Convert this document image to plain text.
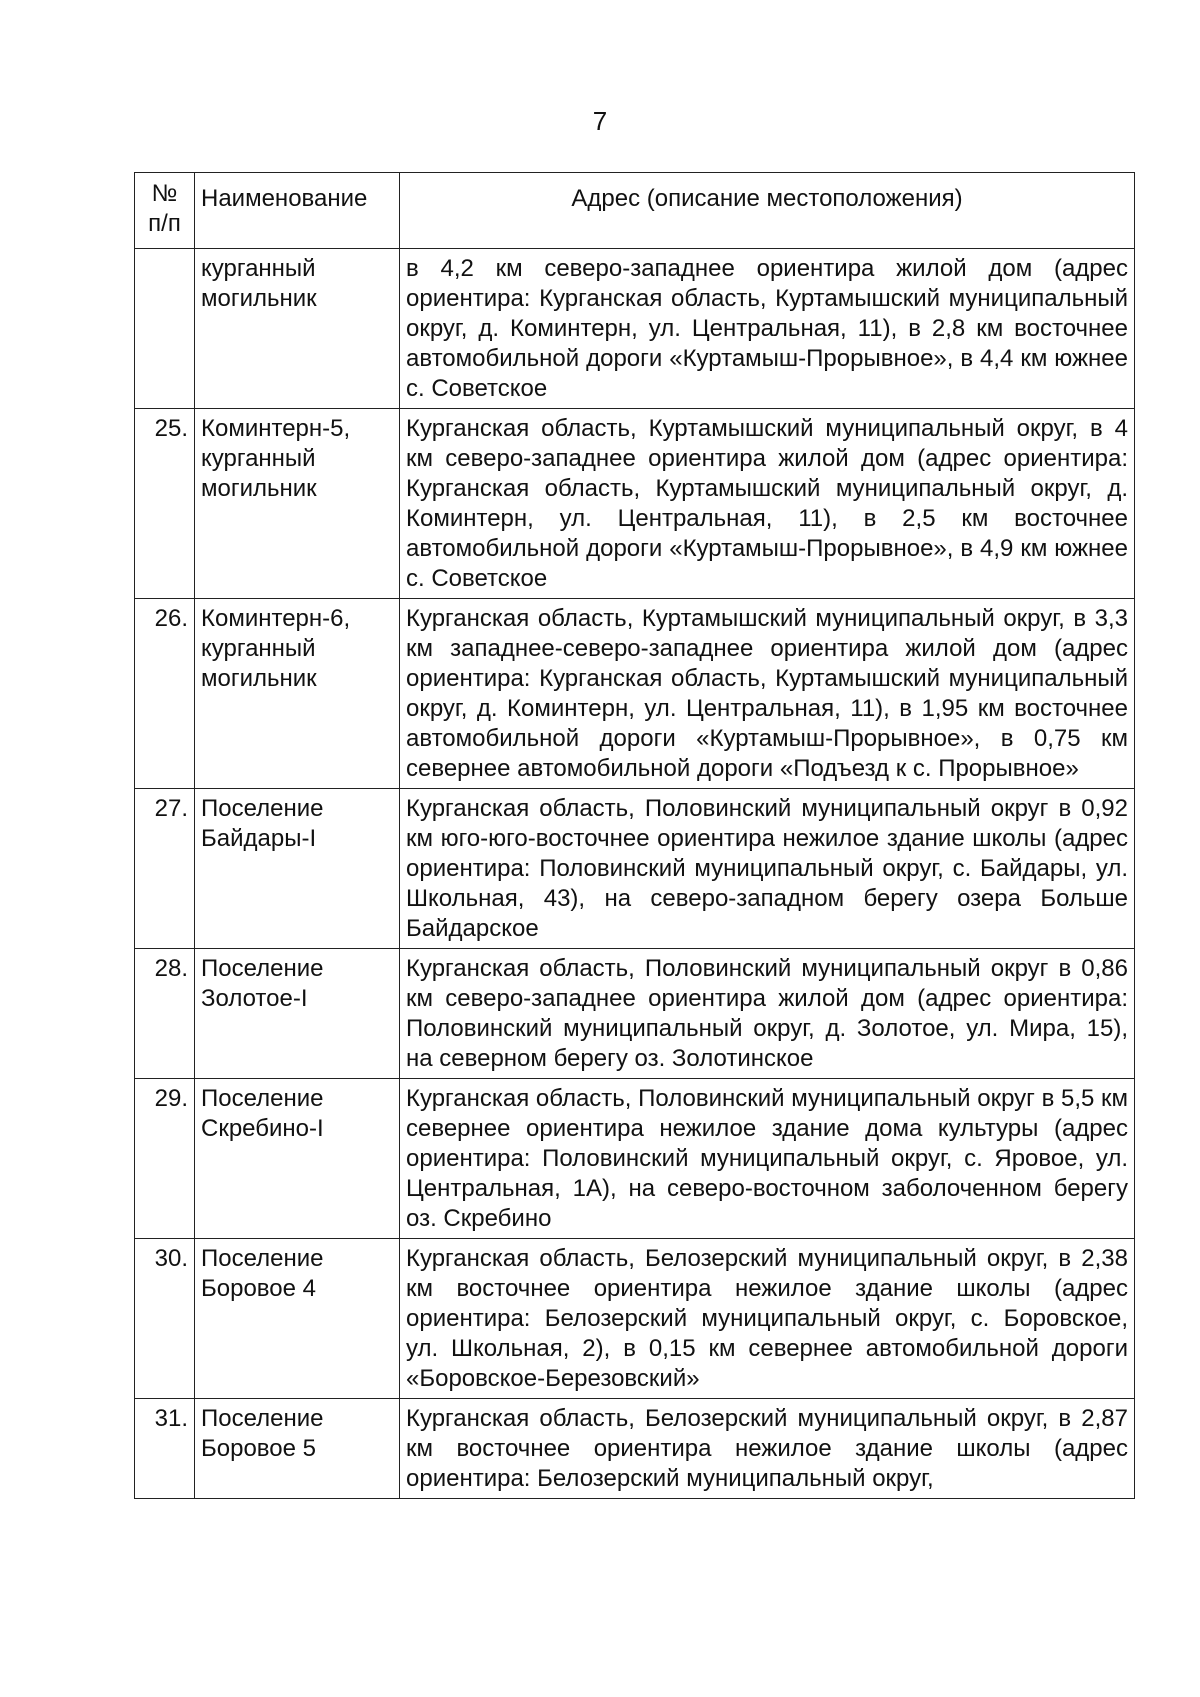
7
№
п/п	Наименование	Адрес (описание местоположения)
	курганный могильник	в 4,2 км северо-западнее ориентира жилой дом (адрес ориентира: Курганская область, Куртамышский муниципальный округ, д. Коминтерн, ул. Центральная, 11), в 2,8 км восточнее автомобильной дороги «Куртамыш-Прорывное», в 4,4 км южнее с. Советское
25.	Коминтерн-5, курганный могильник	Курганская область, Куртамышский муниципальный округ, в 4 км северо-западнее ориентира жилой дом (адрес ориентира: Курганская область, Куртамышский муниципальный округ, д. Коминтерн, ул. Центральная, 11), в 2,5 км восточнее автомобильной дороги «Куртамыш-Прорывное», в 4,9 км южнее с. Советское
26.	Коминтерн-6, курганный могильник	Курганская область, Куртамышский муниципальный округ, в 3,3 км западнее-северо-западнее ориентира жилой дом (адрес ориентира: Курганская область, Куртамышский муниципальный округ, д. Коминтерн, ул. Центральная, 11), в 1,95 км восточнее автомобильной дороги «Куртамыш-Прорывное», в 0,75 км севернее автомобильной дороги «Подъезд к с. Прорывное»
27.	Поселение Байдары-I	Курганская область, Половинский муниципальный округ в 0,92 км юго-юго-восточнее ориентира нежилое здание школы (адрес ориентира: Половинский муниципальный округ, с. Байдары, ул. Школьная, 43), на северо-западном берегу озера Больше Байдарское
28.	Поселение Золотое-I	Курганская область, Половинский муниципальный округ в 0,86 км северо-западнее ориентира жилой дом (адрес ориентира: Половинский муниципальный округ, д. Золотое, ул. Мира, 15), на северном берегу оз. Золотинское
29.	Поселение Скребино-I	Курганская область, Половинский муниципальный округ в 5,5 км севернее ориентира нежилое здание дома культуры (адрес ориентира: Половинский муниципальный округ, с. Яровое, ул. Центральная, 1А), на северо-восточном заболоченном берегу оз. Скребино
30.	Поселение Боровое 4	Курганская область, Белозерский муниципальный округ, в 2,38 км восточнее ориентира нежилое здание школы (адрес ориентира: Белозерский муниципальный округ, с. Боровское, ул. Школьная, 2), в 0,15 км севернее автомобильной дороги «Боровское-Березовский»
31.	Поселение Боровое 5	Курганская область, Белозерский муниципальный округ, в 2,87 км восточнее ориентира нежилое здание школы (адрес ориентира: Белозерский муниципальный округ,
